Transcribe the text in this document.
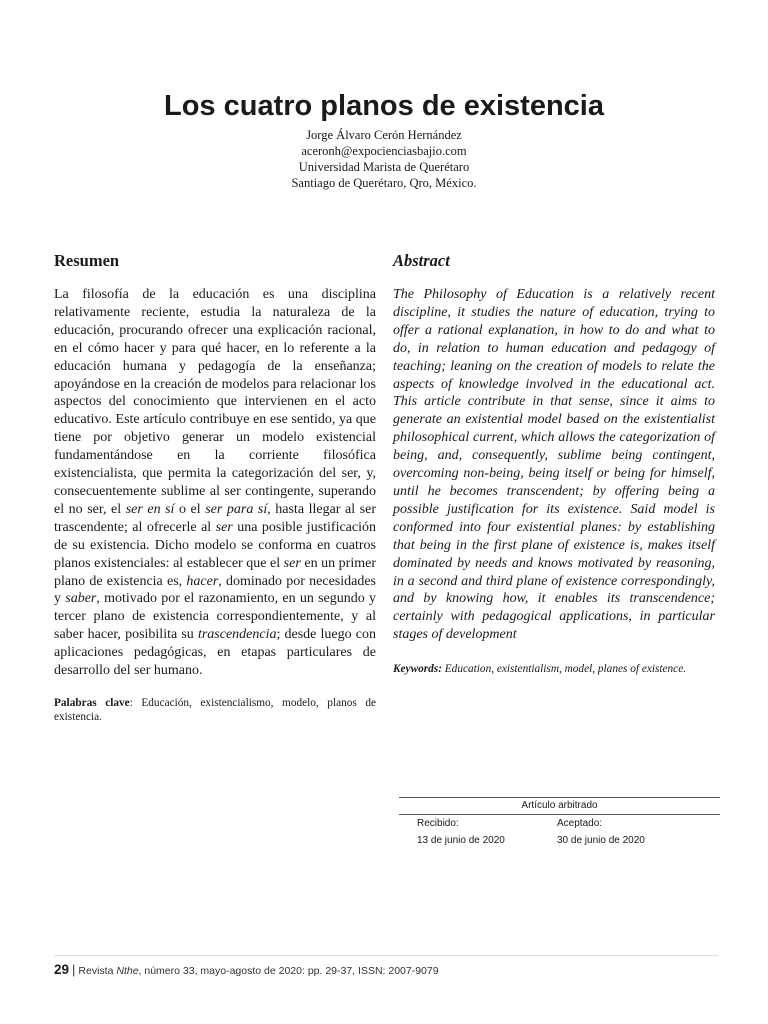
Los cuatro planos de existencia
Jorge Álvaro Cerón Hernández
aceronh@expocienciasbajio.com
Universidad Marista de Querétaro
Santiago de Querétaro, Qro, México.
Resumen

La filosofía de la educación es una disciplina relativamente reciente, estudia la naturaleza de la educación, procurando ofrecer una explicación racional, en el cómo hacer y para qué hacer, en lo referente a la educación humana y pedagogía de la enseñanza; apoyándose en la creación de modelos para relacionar los aspectos del conocimiento que intervienen en el acto educativo. Este artículo contribuye en ese sentido, ya que tiene por objetivo generar un modelo existencial fundamentándose en la corriente filosófica existencialista, que permita la categorización del ser, y, consecuentemente sublime al ser contingente, superando el no ser, el ser en sí o el ser para sí, hasta llegar al ser trascendente; al ofrecerle al ser una posible justificación de su existencia. Dicho modelo se conforma en cuatros planos existenciales: al establecer que el ser en un primer plano de existencia es, hacer, dominado por necesidades y saber, motivado por el razonamiento, en un segundo y tercer plano de existencia correspondientemente, y al saber hacer, posibilita su trascendencia; desde luego con aplicaciones pedagógicas, en etapas particulares de desarrollo del ser humano.

Palabras clave: Educación, existencialismo, modelo, planos de existencia.
Abstract

The Philosophy of Education is a relatively recent discipline, it studies the nature of education, trying to offer a rational explanation, in how to do and what to do, in relation to human education and pedagogy of teaching; leaning on the creation of models to relate the aspects of knowledge involved in the educational act. This article contribute in that sense, since it aims to generate an existential model based on the existentialist philosophical current, which allows the categorization of being, and, consequently, sublime being contingent, overcoming non-being, being itself or being for himself, until he becomes transcendent; by offering being a possible justification for its existence. Said model is conformed into four existential planes: by establishing that being in the first plane of existence is, makes itself dominated by needs and knows motivated by reasoning, in a second and third plane of existence correspondingly, and by knowing how, it enables its transcendence; certainly with pedagogical applications, in particular stages of development

Keywords: Education, existentialism, model, planes of existence.
Artículo arbitrado
Recibido:	Aceptado:
13 de junio de 2020	30 de junio de 2020
29 | Revista Nthe, número 33, mayo-agosto de 2020: pp. 29-37, ISSN: 2007-9079
